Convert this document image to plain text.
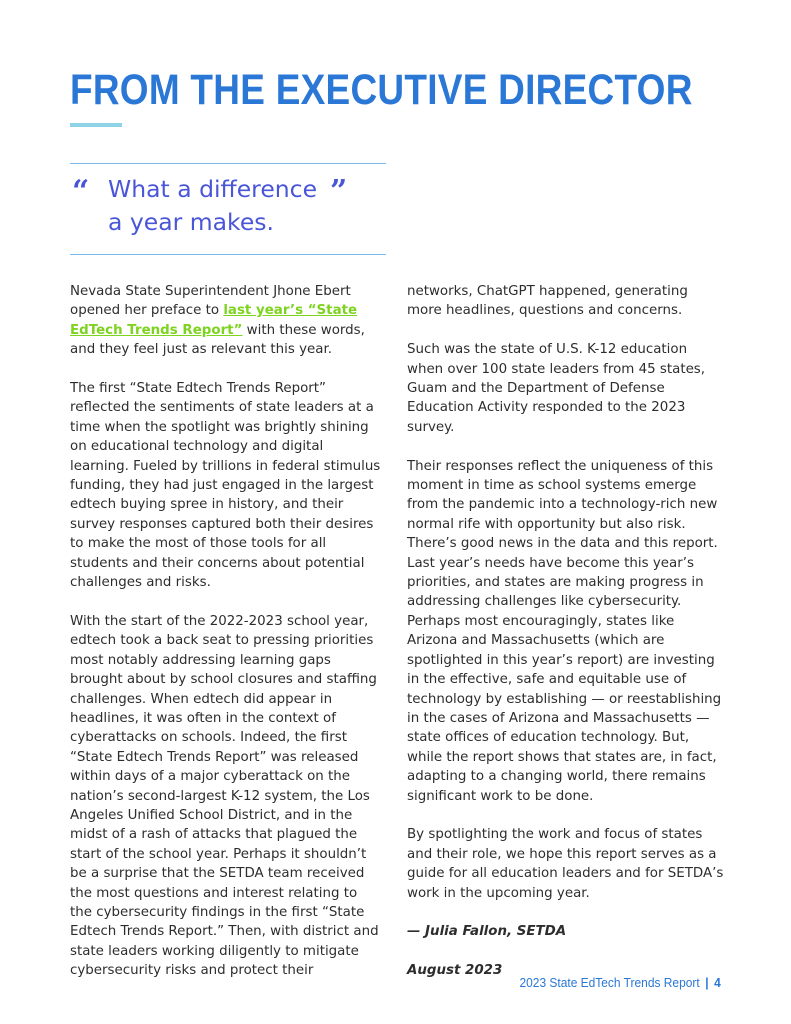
FROM THE EXECUTIVE DIRECTOR
“ What a difference a year makes.
”

Nevada State Superintendent Jhone Ebert opened her preface to last year’s “State EdTech Trends Report” with these words, and they feel just as relevant this year.

The first “State Edtech Trends Report” reflected the sentiments of state leaders at a time when the spotlight was brightly shining on educational technology and digital learning. Fueled by trillions in federal stimulus funding, they had just engaged in the largest edtech buying spree in history, and their survey responses captured both their desires to make the most of those tools for all students and their concerns about potential challenges and risks.

With the start of the 2022-2023 school year, edtech took a back seat to pressing priorities most notably addressing learning gaps brought about by school closures and staffing challenges. When edtech did appear in headlines, it was often in the context of cyberattacks on schools. Indeed, the first “State Edtech Trends Report” was released within days of a major cyberattack on the nation’s second-largest K-12 system, the Los Angeles Unified School District, and in the midst of a rash of attacks that plagued the start of the school year. Perhaps it shouldn’t be a surprise that the SETDA team received the most questions and interest relating to the cybersecurity findings in the first “State Edtech Trends Report.” Then, with district and state leaders working diligently to mitigate cybersecurity risks and protect their

networks, ChatGPT happened, generating more headlines, questions and concerns.

Such was the state of U.S. K-12 education when over 100 state leaders from 45 states, Guam and the Department of Defense Education Activity responded to the 2023 survey.

Their responses reflect the uniqueness of this moment in time as school systems emerge from the pandemic into a technology-rich new normal rife with opportunity but also risk. There’s good news in the data and this report. Last year’s needs have become this year’s priorities, and states are making progress in addressing challenges like cybersecurity. Perhaps most encouragingly, states like Arizona and Massachusetts (which are spotlighted in this year’s report) are investing in the effective, safe and equitable use of technology by establishing — or reestablishing in the cases of Arizona and Massachusetts — state offices of education technology. But, while the report shows that states are, in fact, adapting to a changing world, there remains significant work to be done.

By spotlighting the work and focus of states and their role, we hope this report serves as a guide for all education leaders and for SETDA’s work in the upcoming year.

— Julia Fallon, SETDA

August 2023

2023 State EdTech Trends Report | 4
